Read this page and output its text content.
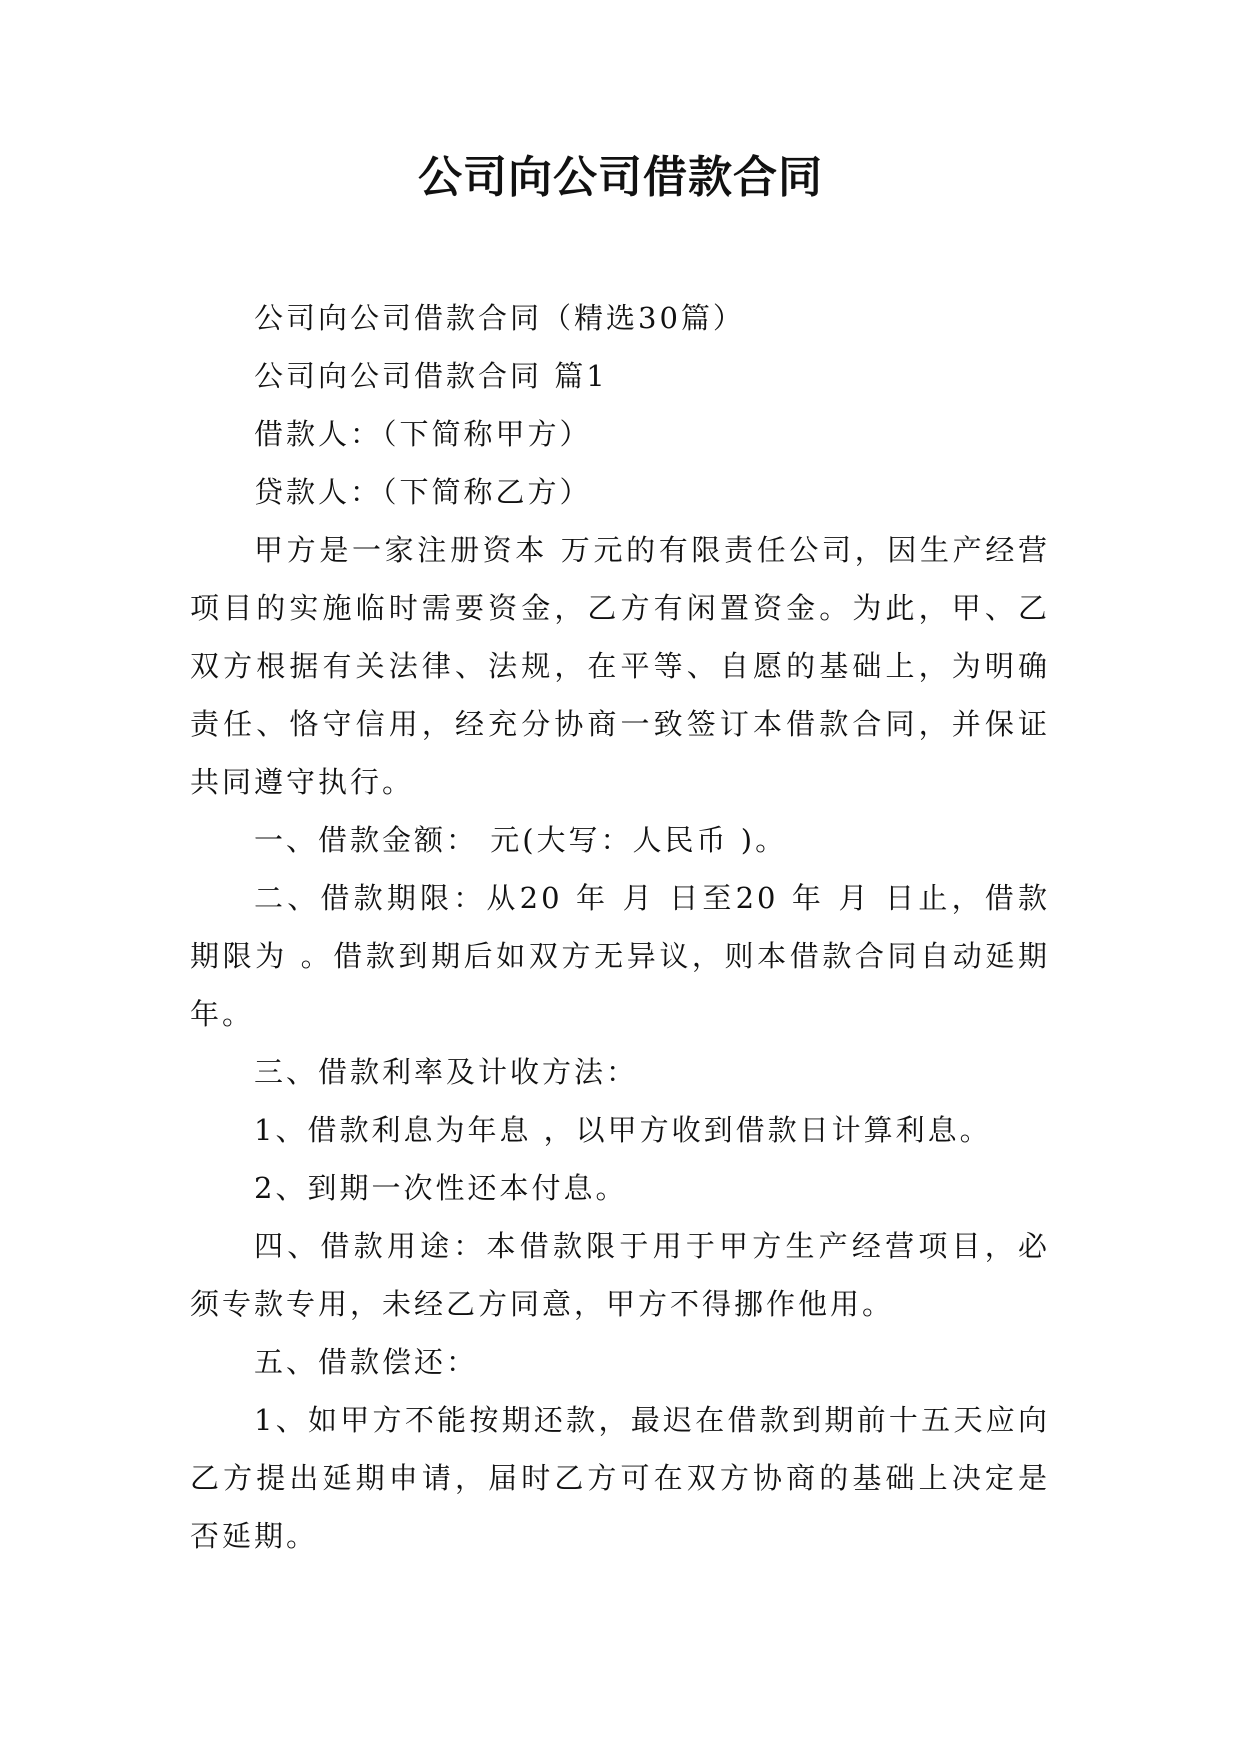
公司向公司借款合同

公司向公司借款合同（精选30篇）

公司向公司借款合同 篇1

借款人：（下简称甲方）

贷款人：（下简称乙方）

甲方是一家注册资本 万元的有限责任公司，因生产经营项目的实施临时需要资金，乙方有闲置资金。为此，甲、乙双方根据有关法律、法规，在平等、自愿的基础上，为明确责任、恪守信用，经充分协商一致签订本借款合同，并保证共同遵守执行。

一、借款金额： 元(大写：人民币 )。

二、借款期限：从20 年 月 日至20 年 月 日止，借款期限为 。借款到期后如双方无异议，则本借款合同自动延期 年。

三、借款利率及计收方法：

1、借款利息为年息 ，以甲方收到借款日计算利息。

2、到期一次性还本付息。

四、借款用途：本借款限于用于甲方生产经营项目，必须专款专用，未经乙方同意，甲方不得挪作他用。

五、借款偿还：

1、如甲方不能按期还款，最迟在借款到期前十五天应向乙方提出延期申请，届时乙方可在双方协商的基础上决定是否延期。
